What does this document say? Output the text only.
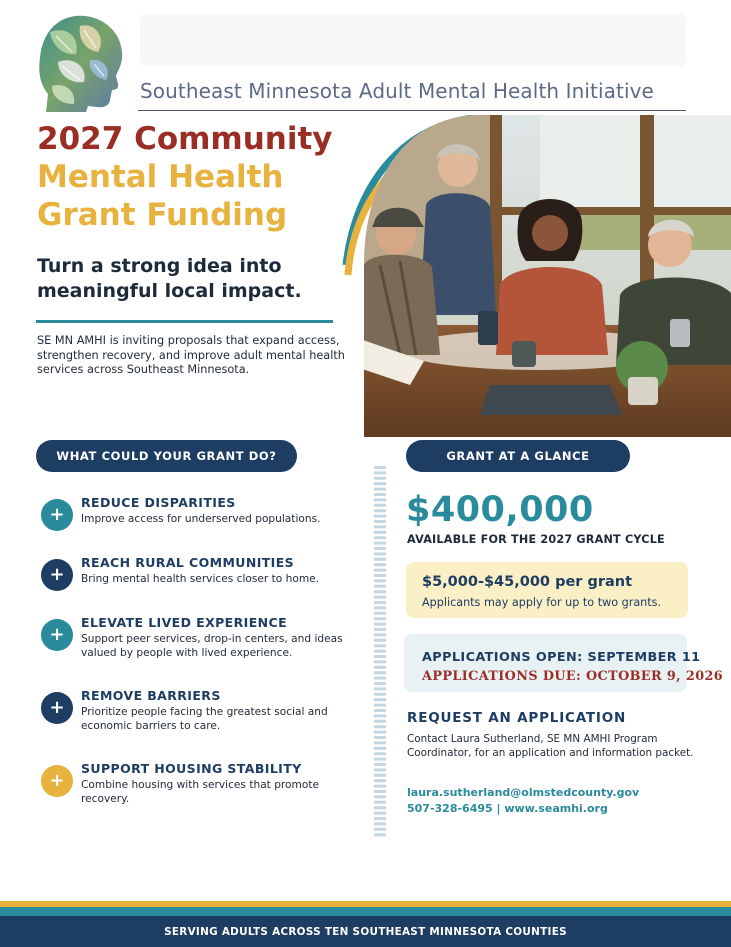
Southeast Minnesota Adult Mental Health Initiative
2027 Community
Mental Health
Grant Funding
Turn a strong idea into meaningful local impact.
SE MN AMHI is inviting proposals that expand access, strengthen recovery, and improve adult mental health services across Southeast Minnesota.
WHAT COULD YOUR GRANT DO?
+
REDUCE DISPARITIES
Improve access for underserved populations.
+
REACH RURAL COMMUNITIES
Bring mental health services closer to home.
+
ELEVATE LIVED EXPERIENCE
Support peer services, drop-in centers, and ideas valued by people with lived experience.
+
REMOVE BARRIERS
Prioritize people facing the greatest social and economic barriers to care.
+
SUPPORT HOUSING STABILITY
Combine housing with services that promote recovery.
GRANT AT A GLANCE
$400,000
AVAILABLE FOR THE 2027 GRANT CYCLE
$5,000-$45,000 per grant
Applicants may apply for up to two grants.
APPLICATIONS OPEN: SEPTEMBER 11
APPLICATIONS DUE: OCTOBER 9, 2026
REQUEST AN APPLICATION
Contact Laura Sutherland, SE MN AMHI Program Coordinator, for an application and information packet.
laura.sutherland@olmstedcounty.gov
507-328-6495 | www.seamhi.org
SERVING ADULTS ACROSS TEN SOUTHEAST MINNESOTA COUNTIES
